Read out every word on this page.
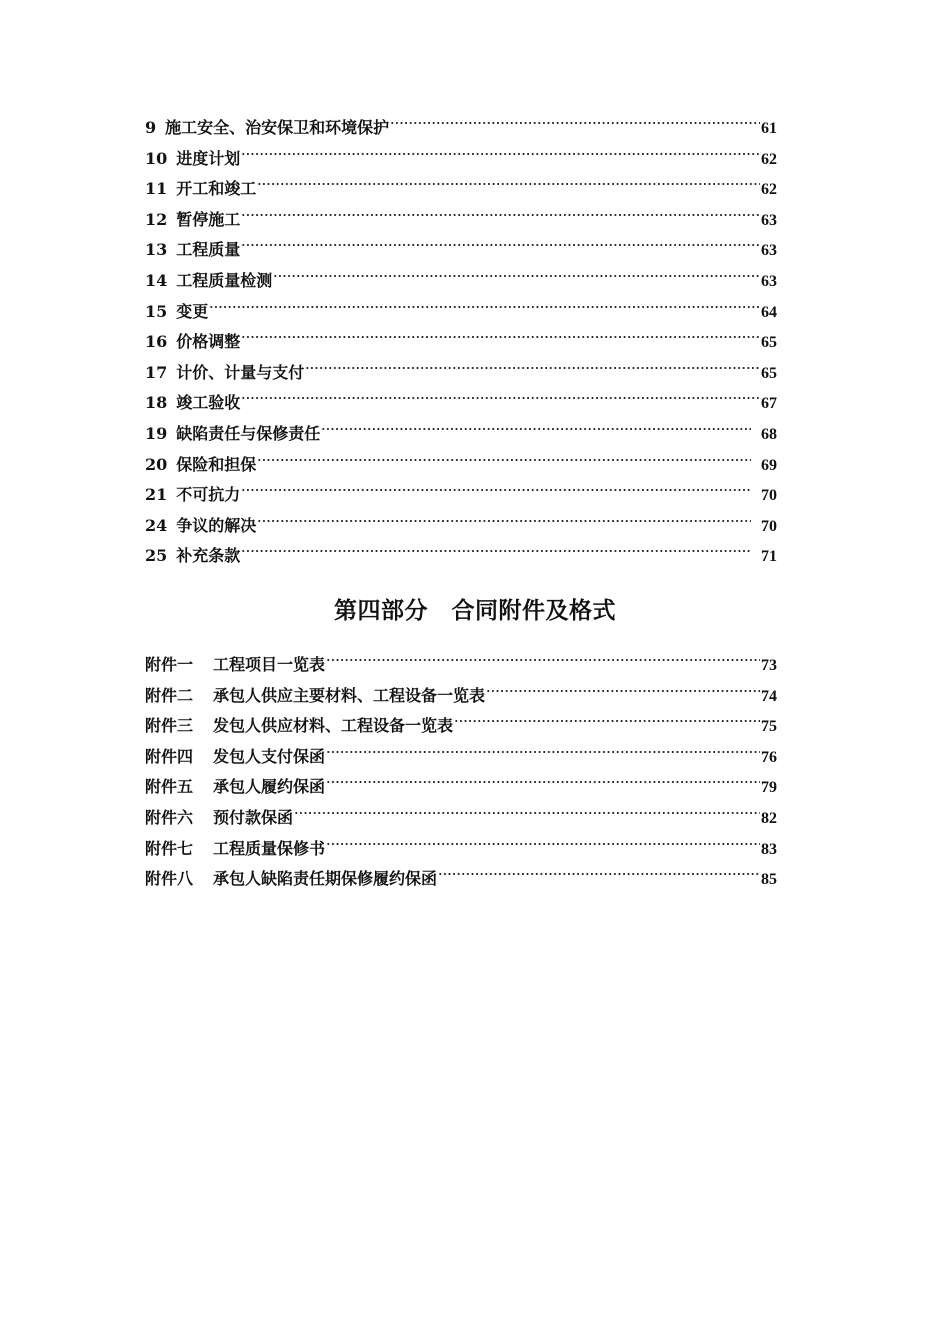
9 施工安全、治安保卫和环境保护	61
10 进度计划	62
11 开工和竣工	62
12 暂停施工	63
13 工程质量	63
14 工程质量检测	63
15 变更	64
16 价格调整	65
17 计价、计量与支付	65
18 竣工验收	67
19 缺陷责任与保修责任	68
20 保险和担保	69
21 不可抗力	70
24 争议的解决	70
25 补充条款	71
第四部分　合同附件及格式
附件一 工程项目一览表	73
附件二 承包人供应主要材料、工程设备一览表	74
附件三 发包人供应材料、工程设备一览表	75
附件四 发包人支付保函	76
附件五 承包人履约保函	79
附件六 预付款保函	82
附件七 工程质量保修书	83
附件八 承包人缺陷责任期保修履约保函	85
